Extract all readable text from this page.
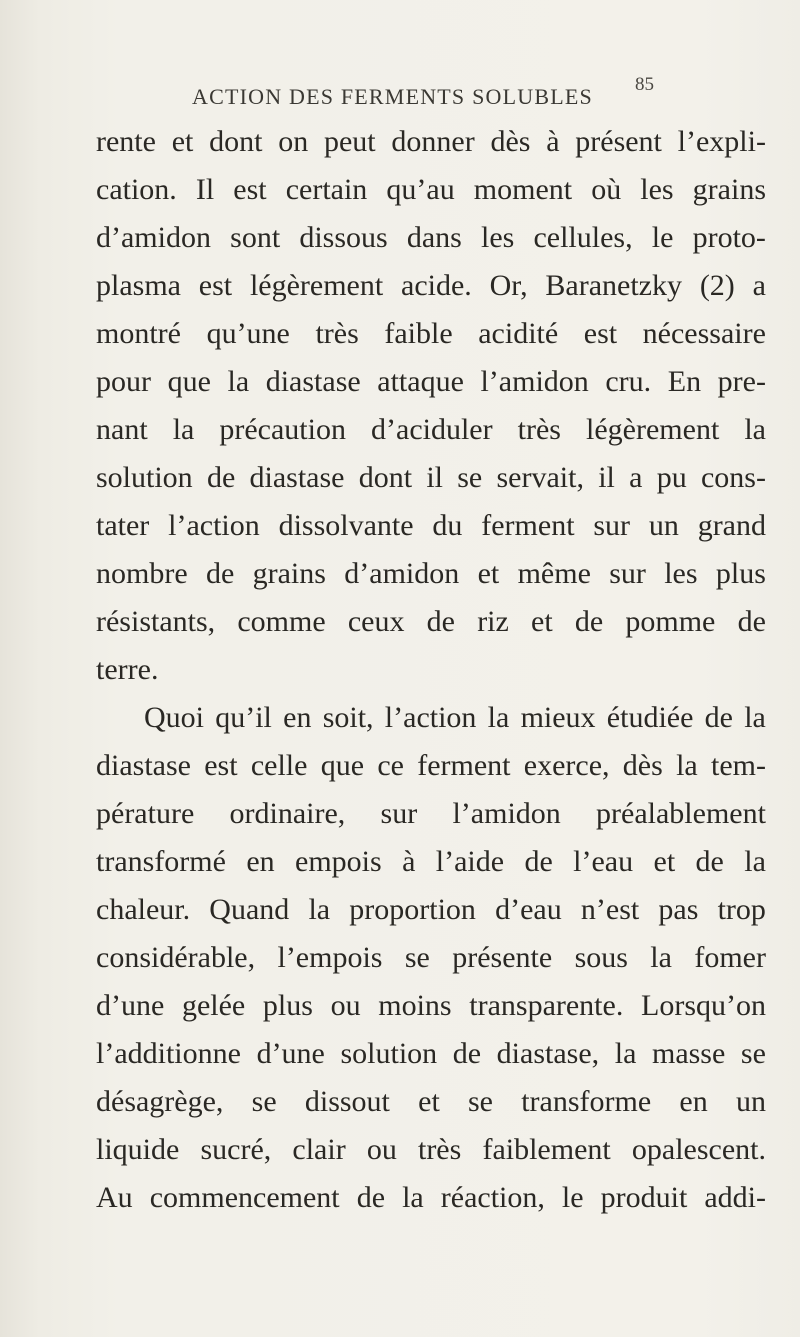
ACTION DES FERMENTS SOLUBLES 85
rente et dont on peut donner dès à présent l’expli-
cation. Il est certain qu’au moment où les grains
d’amidon sont dissous dans les cellules, le proto-
plasma est légèrement acide. Or, Baranetzky (2) a
montré qu’une très faible acidité est nécessaire
pour que la diastase attaque l’amidon cru. En pre-
nant la précaution d’aciduler très légèrement la
solution de diastase dont il se servait, il a pu cons-
tater l’action dissolvante du ferment sur un grand
nombre de grains d’amidon et même sur les plus
résistants, comme ceux de riz et de pomme de
terre.
Quoi qu’il en soit, l’action la mieux étudiée de la
diastase est celle que ce ferment exerce, dès la tem-
pérature ordinaire, sur l’amidon préalablement
transformé en empois à l’aide de l’eau et de la
chaleur. Quand la proportion d’eau n’est pas trop
considérable, l’empois se présente sous la fomer
d’une gelée plus ou moins transparente. Lorsqu’on
l’additionne d’une solution de diastase, la masse se
désagrège, se dissout et se transforme en un
liquide sucré, clair ou très faiblement opalescent.
Au commencement de la réaction, le produit addi-
